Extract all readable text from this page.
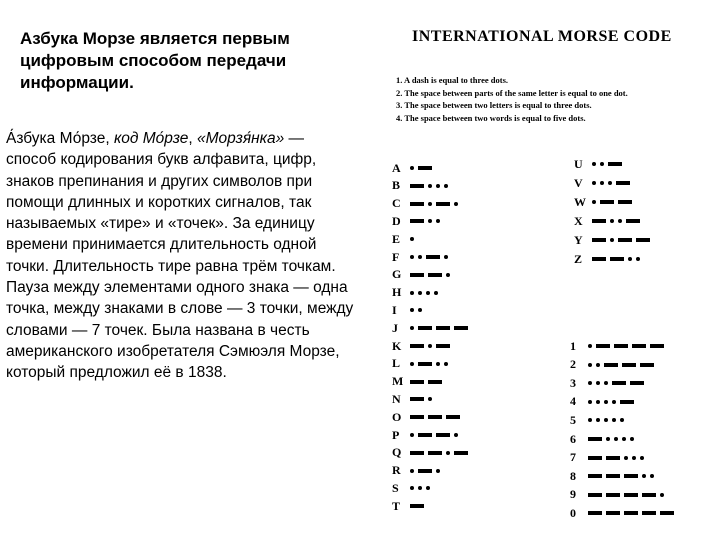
Азбука Морзе является первым цифровым способом передачи информации.
А́збука Мо́рзе, код Мо́рзе, «Морзя́нка» — способ кодирования букв алфавита, цифр, знаков препинания и других символов при помощи длинных и коротких сигналов, так называемых «тире» и «точек». За единицу времени принимается длительность одной точки. Длительность тире равна трём точкам. Пауза между элементами одного знака — одна точка, между знаками в слове — 3 точки, между словами — 7 точек. Была названа в честь американского изобретателя Сэмюэля Морзе, который предложил её в 1838.
INTERNATIONAL MORSE CODE
1. A dash is equal to three dots.
2. The space between parts of the same letter is equal to one dot.
3. The space between two letters is equal to three dots.
4. The space between two words is equal to five dots.
A
B
C
D
E
F
G
H
I
J
K
L
M
N
O
P
Q
R
S
T
U
V
W
X
Y
Z
1
2
3
4
5
6
7
8
9
0
